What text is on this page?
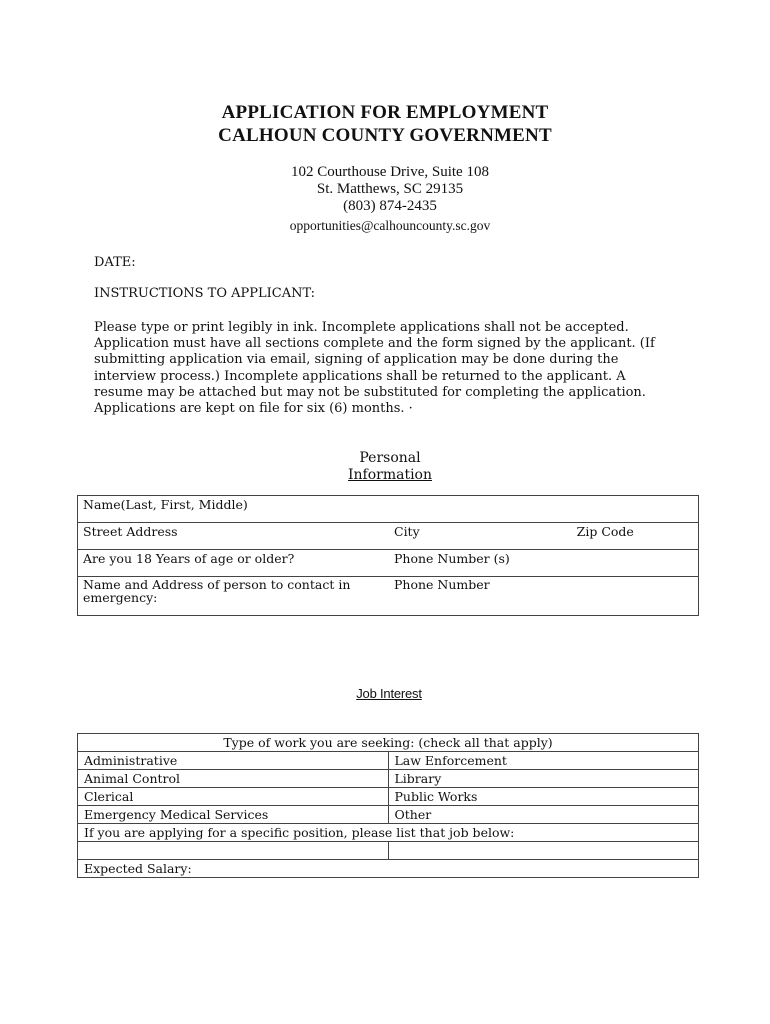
APPLICATION FOR EMPLOYMENT
CALHOUN COUNTY GOVERNMENT
102 Courthouse Drive, Suite 108
St. Matthews, SC 29135
(803) 874-2435
opportunities@calhouncounty.sc.gov
DATE:
INSTRUCTIONS TO APPLICANT:
Please type or print legibly in ink. Incomplete applications shall not be accepted.
Application must have all sections complete and the form signed by the applicant. (If
submitting application via email, signing of application may be done during the
interview process.) Incomplete applications shall be returned to the applicant. A
resume may be attached but may not be substituted for completing the application.
Applications are kept on file for six (6) months. ·
Personal
Information
Name(Last, First, Middle)		
Street Address	City	Zip Code
Are you 18 Years of age or older?	Phone Number (s)	
Name and Address of person to contact in emergency:	Phone Number	
Job Interest
Type of work you are seeking: (check all that apply)	
Administrative	Law Enforcement
Animal Control	Library
Clerical	Public Works
Emergency Medical Services	Other
If you are applying for a specific position, please list that job below:	

Expected Salary:	
